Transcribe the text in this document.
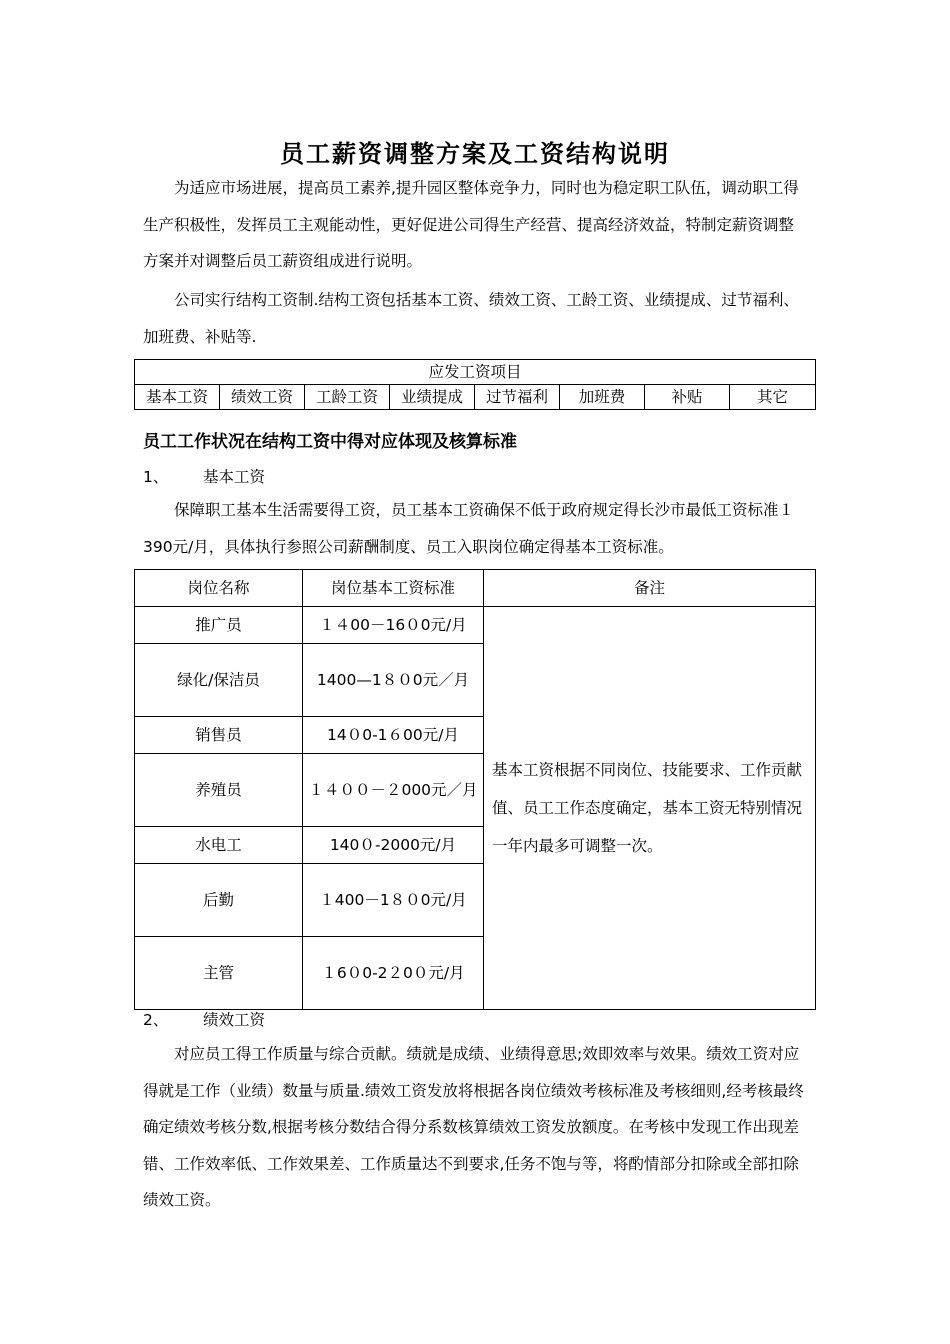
员工薪资调整方案及工资结构说明

为适应市场进展，提高员工素养,提升园区整体竞争力，同时也为稳定职工队伍，调动职工得生产积极性，发挥员工主观能动性，更好促进公司得生产经营、提高经济效益，特制定薪资调整方案并对调整后员工薪资组成进行说明。

公司实行结构工资制.结构工资包括基本工资、绩效工资、工龄工资、业绩提成、过节福利、加班费、补贴等.

应发工资项目
基本工资	绩效工资	工龄工资	业绩提成	过节福利	加班费	补贴	其它
员工工作状况在结构工资中得对应体现及核算标准
1、 基本工资

保障职工基本生活需要得工资，员工基本工资确保不低于政府规定得长沙市最低工资标准１390元/月，具体执行参照公司薪酬制度、员工入职岗位确定得基本工资标准。

岗位名称	岗位基本工资标准	备注
推广员	１４00－16０0元/月	基本工资根据不同岗位、技能要求、工作贡献值、员工工作态度确定，基本工资无特别情况一年内最多可调整一次。
绿化/保洁员	1400—1８０0元／月	
销售员	14０0-1６00元/月	
养殖员	１４００－２000元／月	
水电工	140０-2000元/月	
后勤	１400－1８０0元/月	
主管	１6０0-2２0０元/月	
2、 绩效工资

对应员工得工作质量与综合贡献。绩就是成绩、业绩得意思;效即效率与效果。绩效工资对应得就是工作（业绩）数量与质量.绩效工资发放将根据各岗位绩效考核标准及考核细则,经考核最终确定绩效考核分数,根据考核分数结合得分系数核算绩效工资发放额度。在考核中发现工作出现差错、工作效率低、工作效果差、工作质量达不到要求,任务不饱与等，将酌情部分扣除或全部扣除绩效工资。
